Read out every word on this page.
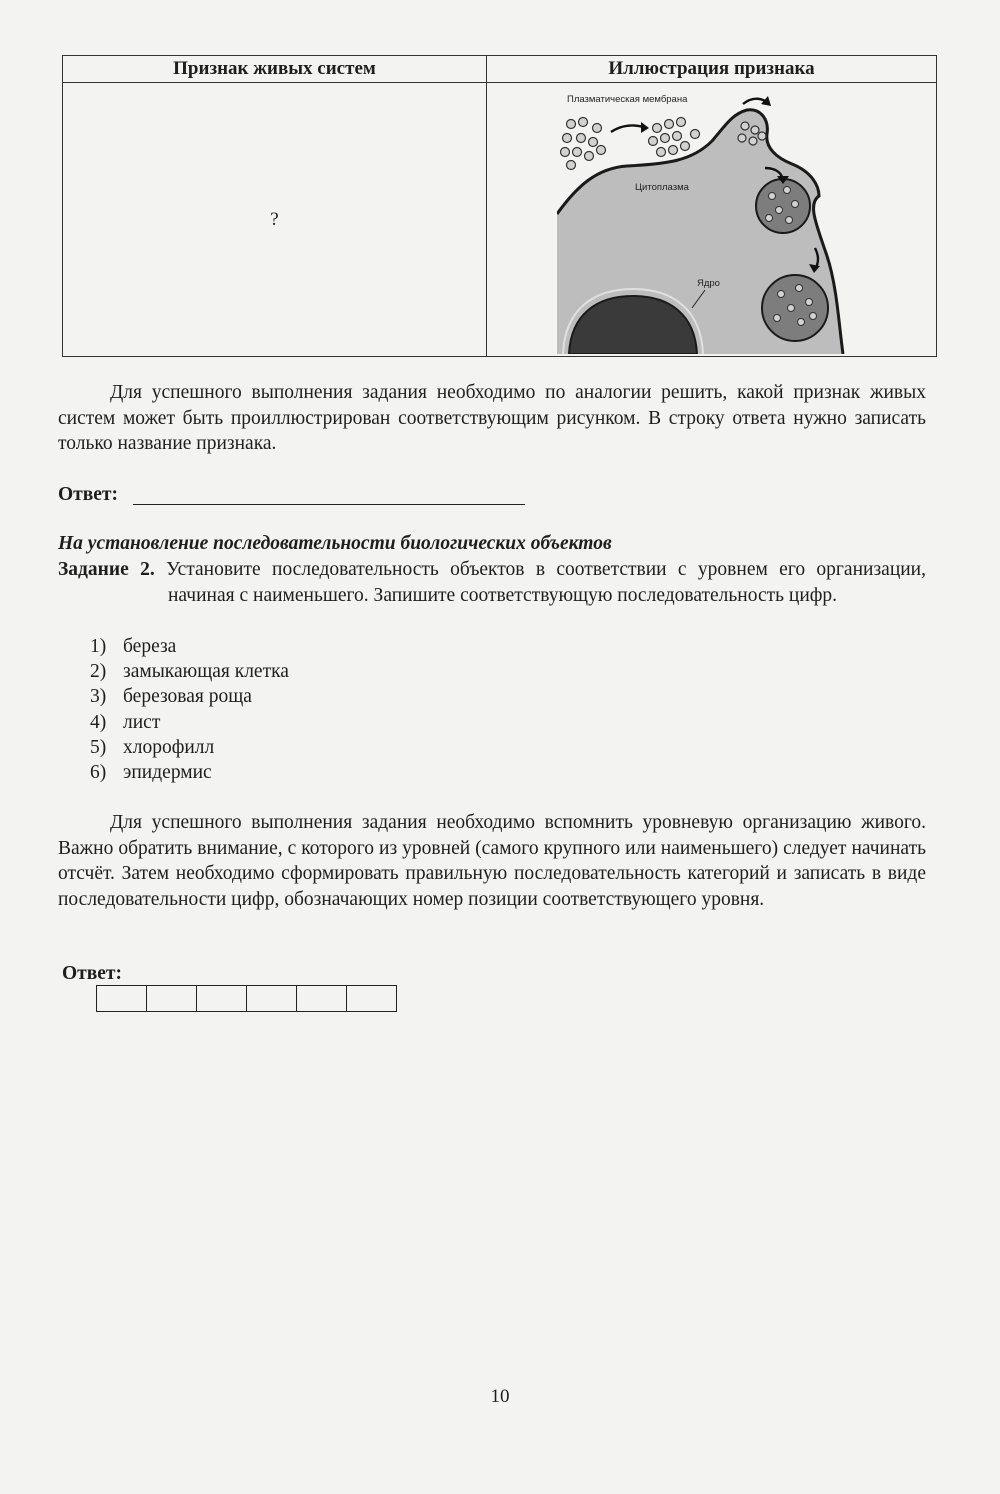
Признак живых систем	Иллюстрация признака
?	Плазматическая мембрана
Цитоплазма
Ядро

Для успешного выполнения задания необходимо по аналогии решить, какой признак живых систем может быть проиллюстрирован соответствующим рисунком. В строку ответа нужно записать только название признака.

Ответ:
На установление последовательности биологических объектов
Задание 2. Установите последовательность объектов в соответствии с уровнем его организации, начиная с наименьшего. Запишите соответствующую последовательность цифр.
1) береза
2) замыкающая клетка
3) березовая роща
4) лист
5) хлорофилл
6) эпидермис

Для успешного выполнения задания необходимо вспомнить уровневую организацию живого. Важно обратить внимание, с которого из уровней (самого крупного или наименьшего) следует начинать отсчёт. Затем необходимо сформировать правильную последовательность категорий и записать в виде последовательности цифр, обозначающих номер позиции соответствующего уровня.

Ответ:
10
